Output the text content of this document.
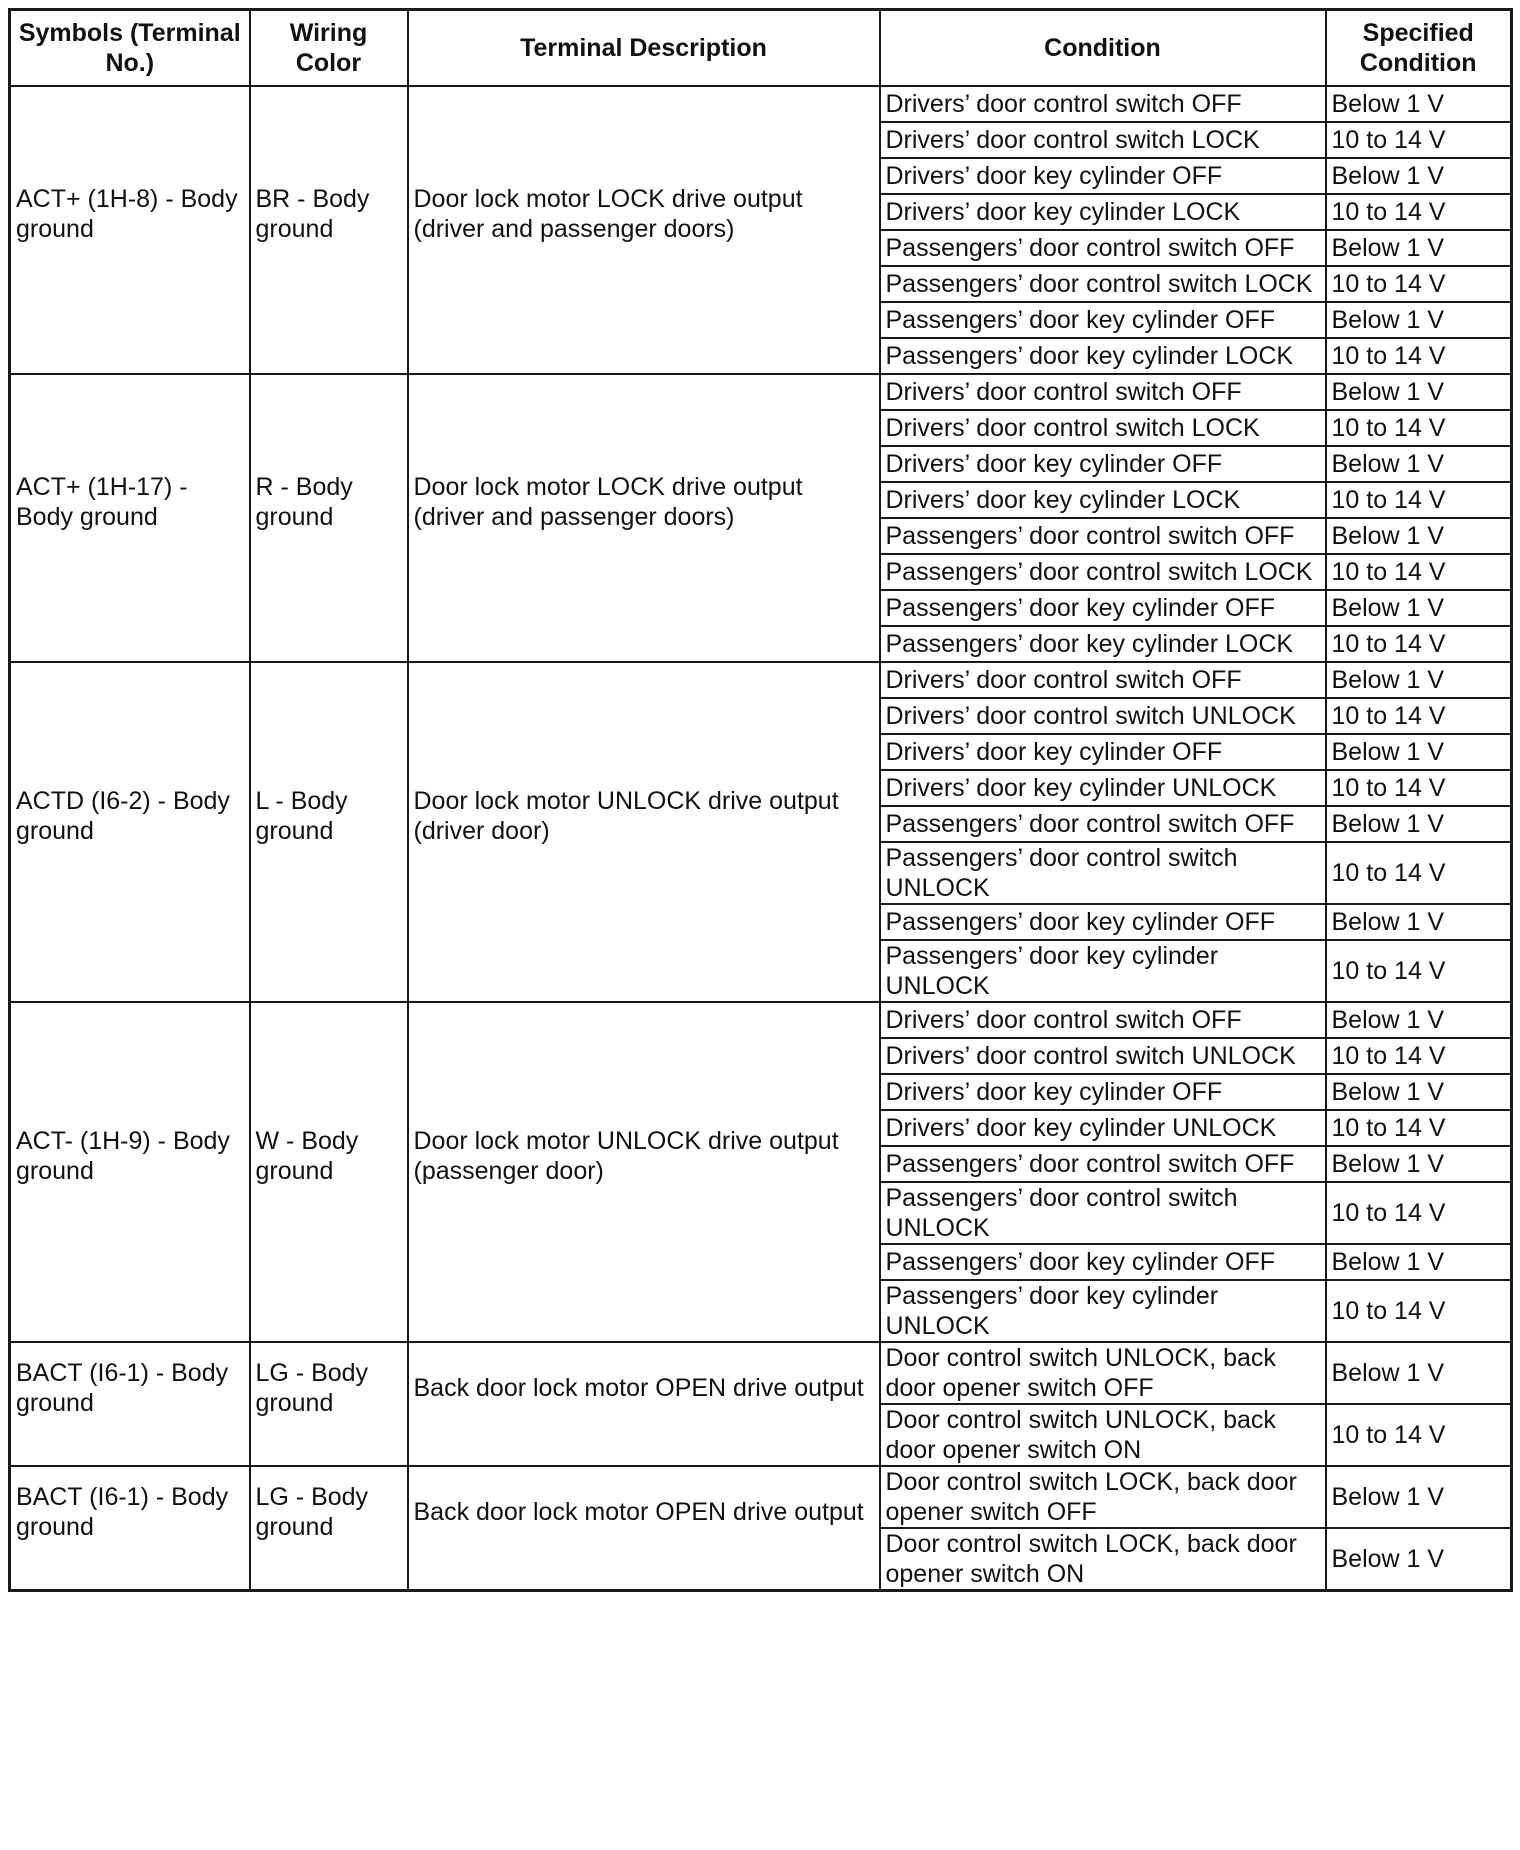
Symbols (Terminal No.)	Wiring Color	Terminal Description	Condition	Specified Condition
ACT+ (1H-8) - Body ground	BR - Body ground	Door lock motor LOCK drive output (driver and passenger doors)	Drivers’ door control switch OFF	Below 1 V
			Drivers’ door control switch LOCK	10 to 14 V
			Drivers’ door key cylinder OFF	Below 1 V
			Drivers’ door key cylinder LOCK	10 to 14 V
			Passengers’ door control switch OFF	Below 1 V
			Passengers’ door control switch LOCK	10 to 14 V
			Passengers’ door key cylinder OFF	Below 1 V
			Passengers’ door key cylinder LOCK	10 to 14 V
ACT+ (1H-17) - Body ground	R - Body ground	Door lock motor LOCK drive output (driver and passenger doors)	Drivers’ door control switch OFF	Below 1 V
			Drivers’ door control switch LOCK	10 to 14 V
			Drivers’ door key cylinder OFF	Below 1 V
			Drivers’ door key cylinder LOCK	10 to 14 V
			Passengers’ door control switch OFF	Below 1 V
			Passengers’ door control switch LOCK	10 to 14 V
			Passengers’ door key cylinder OFF	Below 1 V
			Passengers’ door key cylinder LOCK	10 to 14 V
ACTD (I6-2) - Body ground	L - Body ground	Door lock motor UNLOCK drive output (driver door)	Drivers’ door control switch OFF	Below 1 V
			Drivers’ door control switch UNLOCK	10 to 14 V
			Drivers’ door key cylinder OFF	Below 1 V
			Drivers’ door key cylinder UNLOCK	10 to 14 V
			Passengers’ door control switch OFF	Below 1 V
			Passengers’ door control switch
UNLOCK	10 to 14 V
			Passengers’ door key cylinder OFF	Below 1 V
			Passengers’ door key cylinder
UNLOCK	10 to 14 V
ACT- (1H-9) - Body ground	W - Body ground	Door lock motor UNLOCK drive output (passenger door)	Drivers’ door control switch OFF	Below 1 V
			Drivers’ door control switch UNLOCK	10 to 14 V
			Drivers’ door key cylinder OFF	Below 1 V
			Drivers’ door key cylinder UNLOCK	10 to 14 V
			Passengers’ door control switch OFF	Below 1 V
			Passengers’ door control switch
UNLOCK	10 to 14 V
			Passengers’ door key cylinder OFF	Below 1 V
			Passengers’ door key cylinder
UNLOCK	10 to 14 V
BACT (I6-1) - Body ground	LG - Body ground	Back door lock motor OPEN drive output	Door control switch UNLOCK, back
door opener switch OFF	Below 1 V
			Door control switch UNLOCK, back
door opener switch ON	10 to 14 V
BACT (I6-1) - Body ground	LG - Body ground	Back door lock motor OPEN drive output	Door control switch LOCK, back door
opener switch OFF	Below 1 V
			Door control switch LOCK, back door
opener switch ON	Below 1 V
